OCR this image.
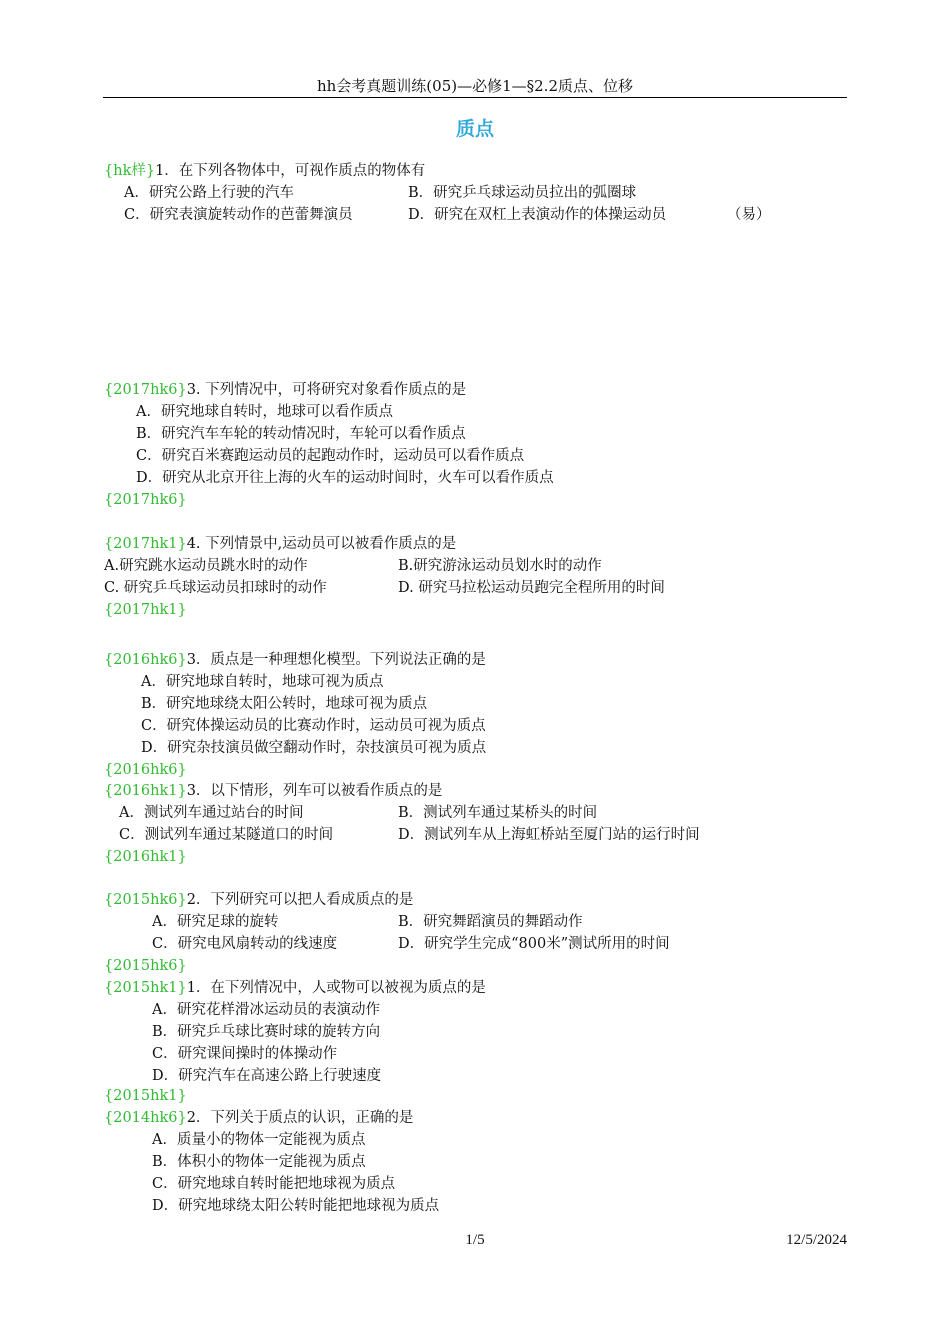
hh会考真题训练(05)—必修1—§2.2质点、位移
质点
{hk样}1．在下列各物体中，可视作质点的物体有
A．研究公路上行驶的汽车	B．研究乒乓球运动员拉出的弧圈球
C．研究表演旋转动作的芭蕾舞演员	D．研究在双杠上表演动作的体操运动员	（易）
{2017hk6}3. 下列情况中，可将研究对象看作质点的是
A．研究地球自转时，地球可以看作质点
B．研究汽车车轮的转动情况时，车轮可以看作质点
C．研究百米赛跑运动员的起跑动作时，运动员可以看作质点
D．研究从北京开往上海的火车的运动时间时，火车可以看作质点
{2017hk6}
{2017hk1}4. 下列情景中,运动员可以被看作质点的是
A.研究跳水运动员跳水时的动作	B.研究游泳运动员划水时的动作
C. 研究乒乓球运动员扣球时的动作	D. 研究马拉松运动员跑完全程所用的时间
{2017hk1}
{2016hk6}3．质点是一种理想化模型。下列说法正确的是
A．研究地球自转时，地球可视为质点
B．研究地球绕太阳公转时，地球可视为质点
C．研究体操运动员的比赛动作时，运动员可视为质点
D．研究杂技演员做空翻动作时，杂技演员可视为质点
{2016hk6}
{2016hk1}3．以下情形，列车可以被看作质点的是
A．测试列车通过站台的时间	B．测试列车通过某桥头的时间
C．测试列车通过某隧道口的时间	D．测试列车从上海虹桥站至厦门站的运行时间
{2016hk1}
{2015hk6}2．下列研究可以把人看成质点的是
A．研究足球的旋转	B．研究舞蹈演员的舞蹈动作
C．研究电风扇转动的线速度	D．研究学生完成“800米”测试所用的时间
{2015hk6}
{2015hk1}1．在下列情况中，人或物可以被视为质点的是
A．研究花样滑冰运动员的表演动作
B．研究乒乓球比赛时球的旋转方向
C．研究课间操时的体操动作
D．研究汽车在高速公路上行驶速度
{2015hk1}
{2014hk6}2．下列关于质点的认识，正确的是
A．质量小的物体一定能视为质点
B．体积小的物体一定能视为质点
C．研究地球自转时能把地球视为质点
D．研究地球绕太阳公转时能把地球视为质点
1/5	12/5/2024
